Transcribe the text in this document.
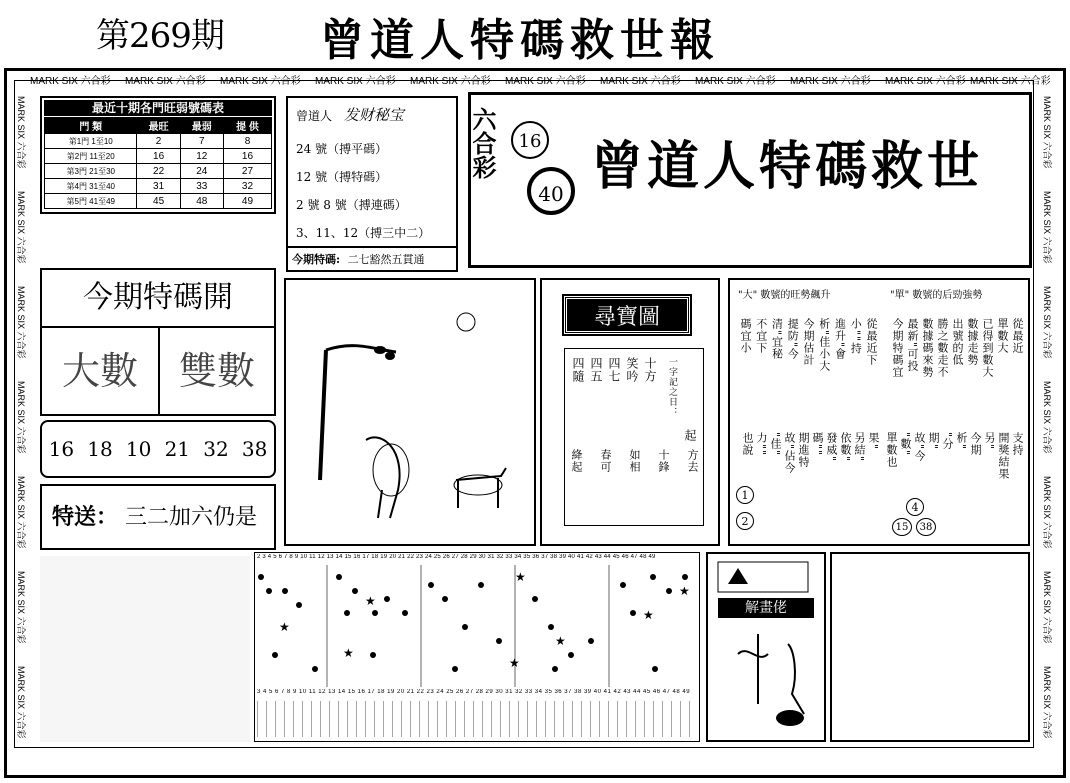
第269期 曾道人特碼救世報
MARK SIX 六合彩 MARK SIX 六合彩 MARK SIX 六合彩 MARK SIX 六合彩 MARK SIX 六合彩 MARK SIX 六合彩 MARK SIX 六合彩 MARK SIX 六合彩 MARK SIX 六合彩 MARK SIX 六合彩 MARK SIX 六合彩
MARK SIX 六合彩
MARK SIX 六合彩
MARK SIX 六合彩
MARK SIX 六合彩
MARK SIX 六合彩
MARK SIX 六合彩
MARK SIX 六合彩
MARK SIX 六合彩
MARK SIX 六合彩
MARK SIX 六合彩
MARK SIX 六合彩
MARK SIX 六合彩
MARK SIX 六合彩
MARK SIX 六合彩
最近十期各門旺弱號碼表
門 類	最旺	最弱	提 供
第1門 1至10	2	7	8
第2門 11至20	16	12	16
第3門 21至30	22	24	27
第4門 31至40	31	33	32
第5門 41至49	45	48	49
曾道人 发财秘宝
24 號（搏平碼）
12 號（搏特碼）
2 號 8 號（搏連碼）
3、11、12（搏三中二）
今期特碼: 二七豁然五貫通
六合彩	16
40 曾道人特碼救世
今期特碼開
大數	雙數
16 18 10 21 32 38
特送： 三二加六仍是
尋寶圖
四隨 四五 四七 笑吟 十方
起
一字記之日：
絳起 春可 如相 十鋒 方去
"大" 數號的旺勢飆升	"單" 數號的后勁強勢
從最近下
小""持
進升"會
析"佳小大
今期估計
提防"今
清"宜秘
不宜下
碼宜小	從最近
單數大
已得到數大
數據走勢
出號的低
勝之數走不
數據碼來勢
最新"可投
今期特碼宜
果"
另結"
依數"
發威"
碼""
期進特
故"佔今
"佳"
力""
也說	支持
開獎結果
另"
今期
析"
"分
期"
故"今
"數"
單數也
1
2
4
15	38
2 3 4 5 6 7 8 9 10 11 12 13 14 15 16 17 18 19 20 21 22 23 24 25 26 27 28 29 30 31 32 33 34 35 36 37 38 39 40 41 42 43 44 45 46 47 48 49
★
★
★
★
★
★
★
★
3 4 5 6 7 8 9 10 11 12 13 14 15 16 17 18 19 20 21 22 23 24 25 26 27 28 29 30 31 32 33 34 35 36 37 38 39 40 41 42 43 44 45 46 47 48 49
解畫佬
